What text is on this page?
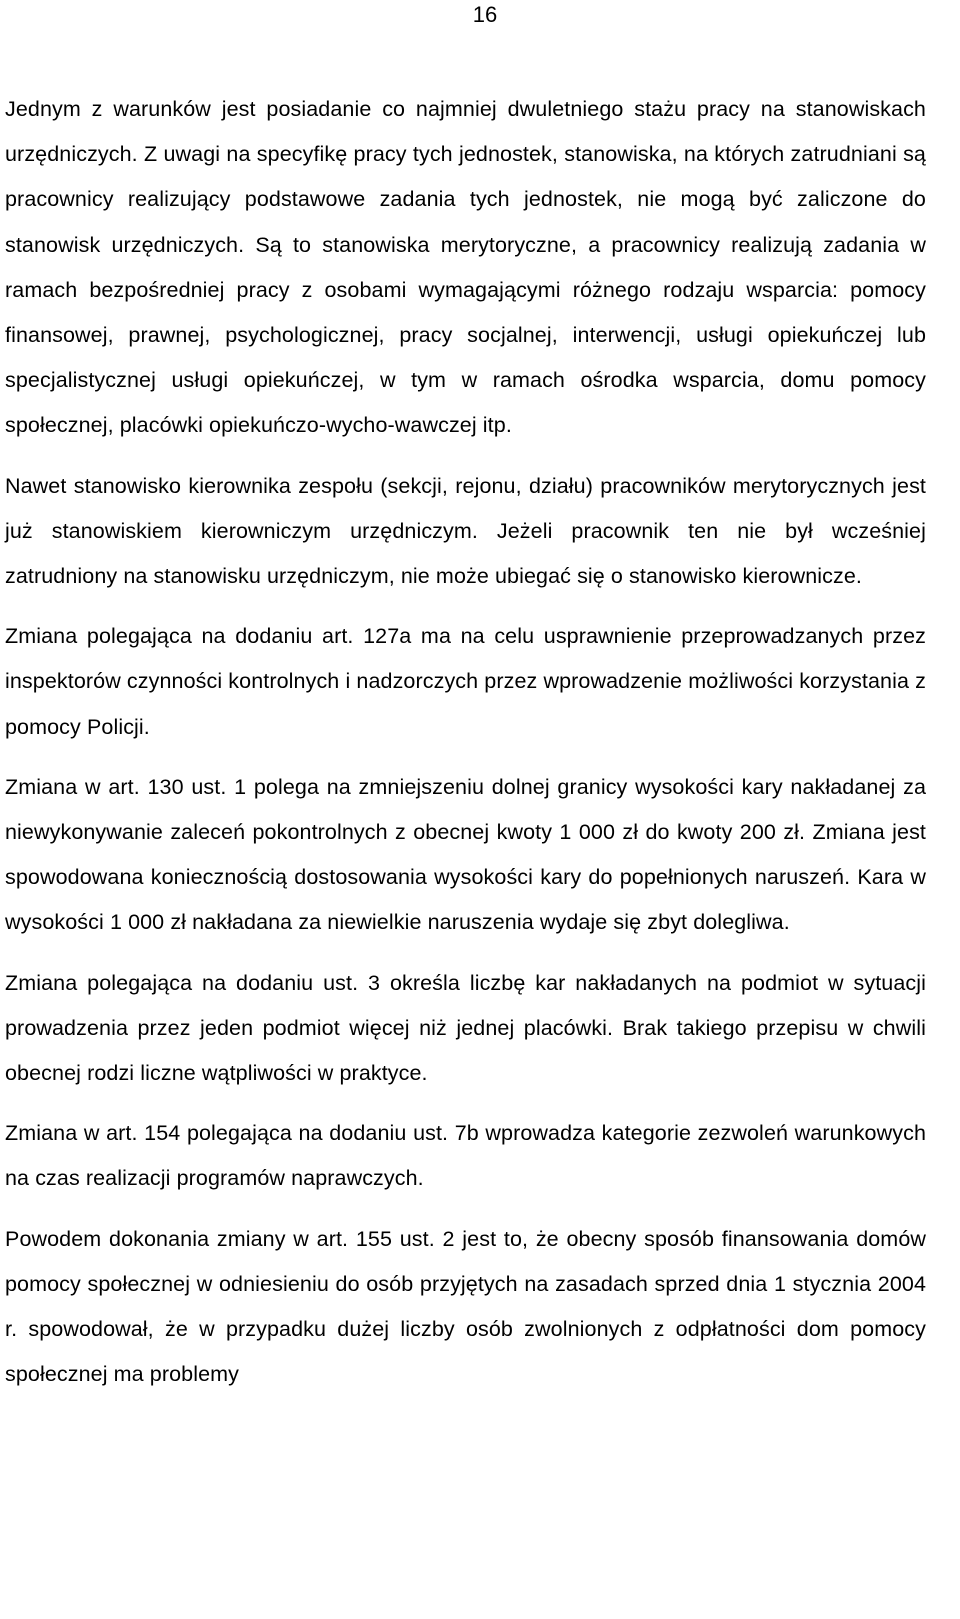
16

Jednym z warunków jest posiadanie co najmniej dwuletniego stażu pracy na stanowiskach urzędniczych. Z uwagi na specyfikę pracy tych jednostek, stanowiska, na których zatrudniani są pracownicy realizujący podstawowe zadania tych jednostek, nie mogą być zaliczone do stanowisk urzędniczych. Są to stanowiska merytoryczne, a pracownicy realizują zadania w ramach bezpośredniej pracy z osobami wymagającymi różnego rodzaju wsparcia: pomocy finansowej, prawnej, psychologicznej, pracy socjalnej, interwencji, usługi opiekuńczej lub specjalistycznej usługi opiekuńczej, w tym w ramach ośrodka wsparcia, domu pomocy społecznej, placówki opiekuńczo-wycho-wawczej itp.

Nawet stanowisko kierownika zespołu (sekcji, rejonu, działu) pracowników merytorycznych jest już stanowiskiem kierowniczym urzędniczym. Jeżeli pracownik ten nie był wcześniej zatrudniony na stanowisku urzędniczym, nie może ubiegać się o stanowisko kierownicze.

Zmiana polegająca na dodaniu art. 127a ma na celu usprawnienie przeprowadzanych przez inspektorów czynności kontrolnych i nadzorczych przez wprowadzenie możliwości korzystania z pomocy Policji.

Zmiana w art. 130 ust. 1 polega na zmniejszeniu dolnej granicy wysokości kary nakładanej za niewykonywanie zaleceń pokontrolnych z obecnej kwoty 1 000 zł do kwoty 200 zł. Zmiana jest spowodowana koniecznością dostosowania wysokości kary do popełnionych naruszeń. Kara w wysokości 1 000 zł nakładana za niewielkie naruszenia wydaje się zbyt dolegliwa.

Zmiana polegająca na dodaniu ust. 3 określa liczbę kar nakładanych na podmiot w sytuacji prowadzenia przez jeden podmiot więcej niż jednej placówki. Brak takiego przepisu w chwili obecnej rodzi liczne wątpliwości w praktyce.

Zmiana w art. 154 polegająca na dodaniu ust. 7b wprowadza kategorie zezwoleń warunkowych na czas realizacji programów naprawczych.

Powodem dokonania zmiany w art. 155 ust. 2 jest to, że obecny sposób finansowania domów pomocy społecznej w odniesieniu do osób przyjętych na zasadach sprzed dnia 1 stycznia 2004 r. spowodował, że w przypadku dużej liczby osób zwolnionych z odpłatności dom pomocy społecznej ma problemy
